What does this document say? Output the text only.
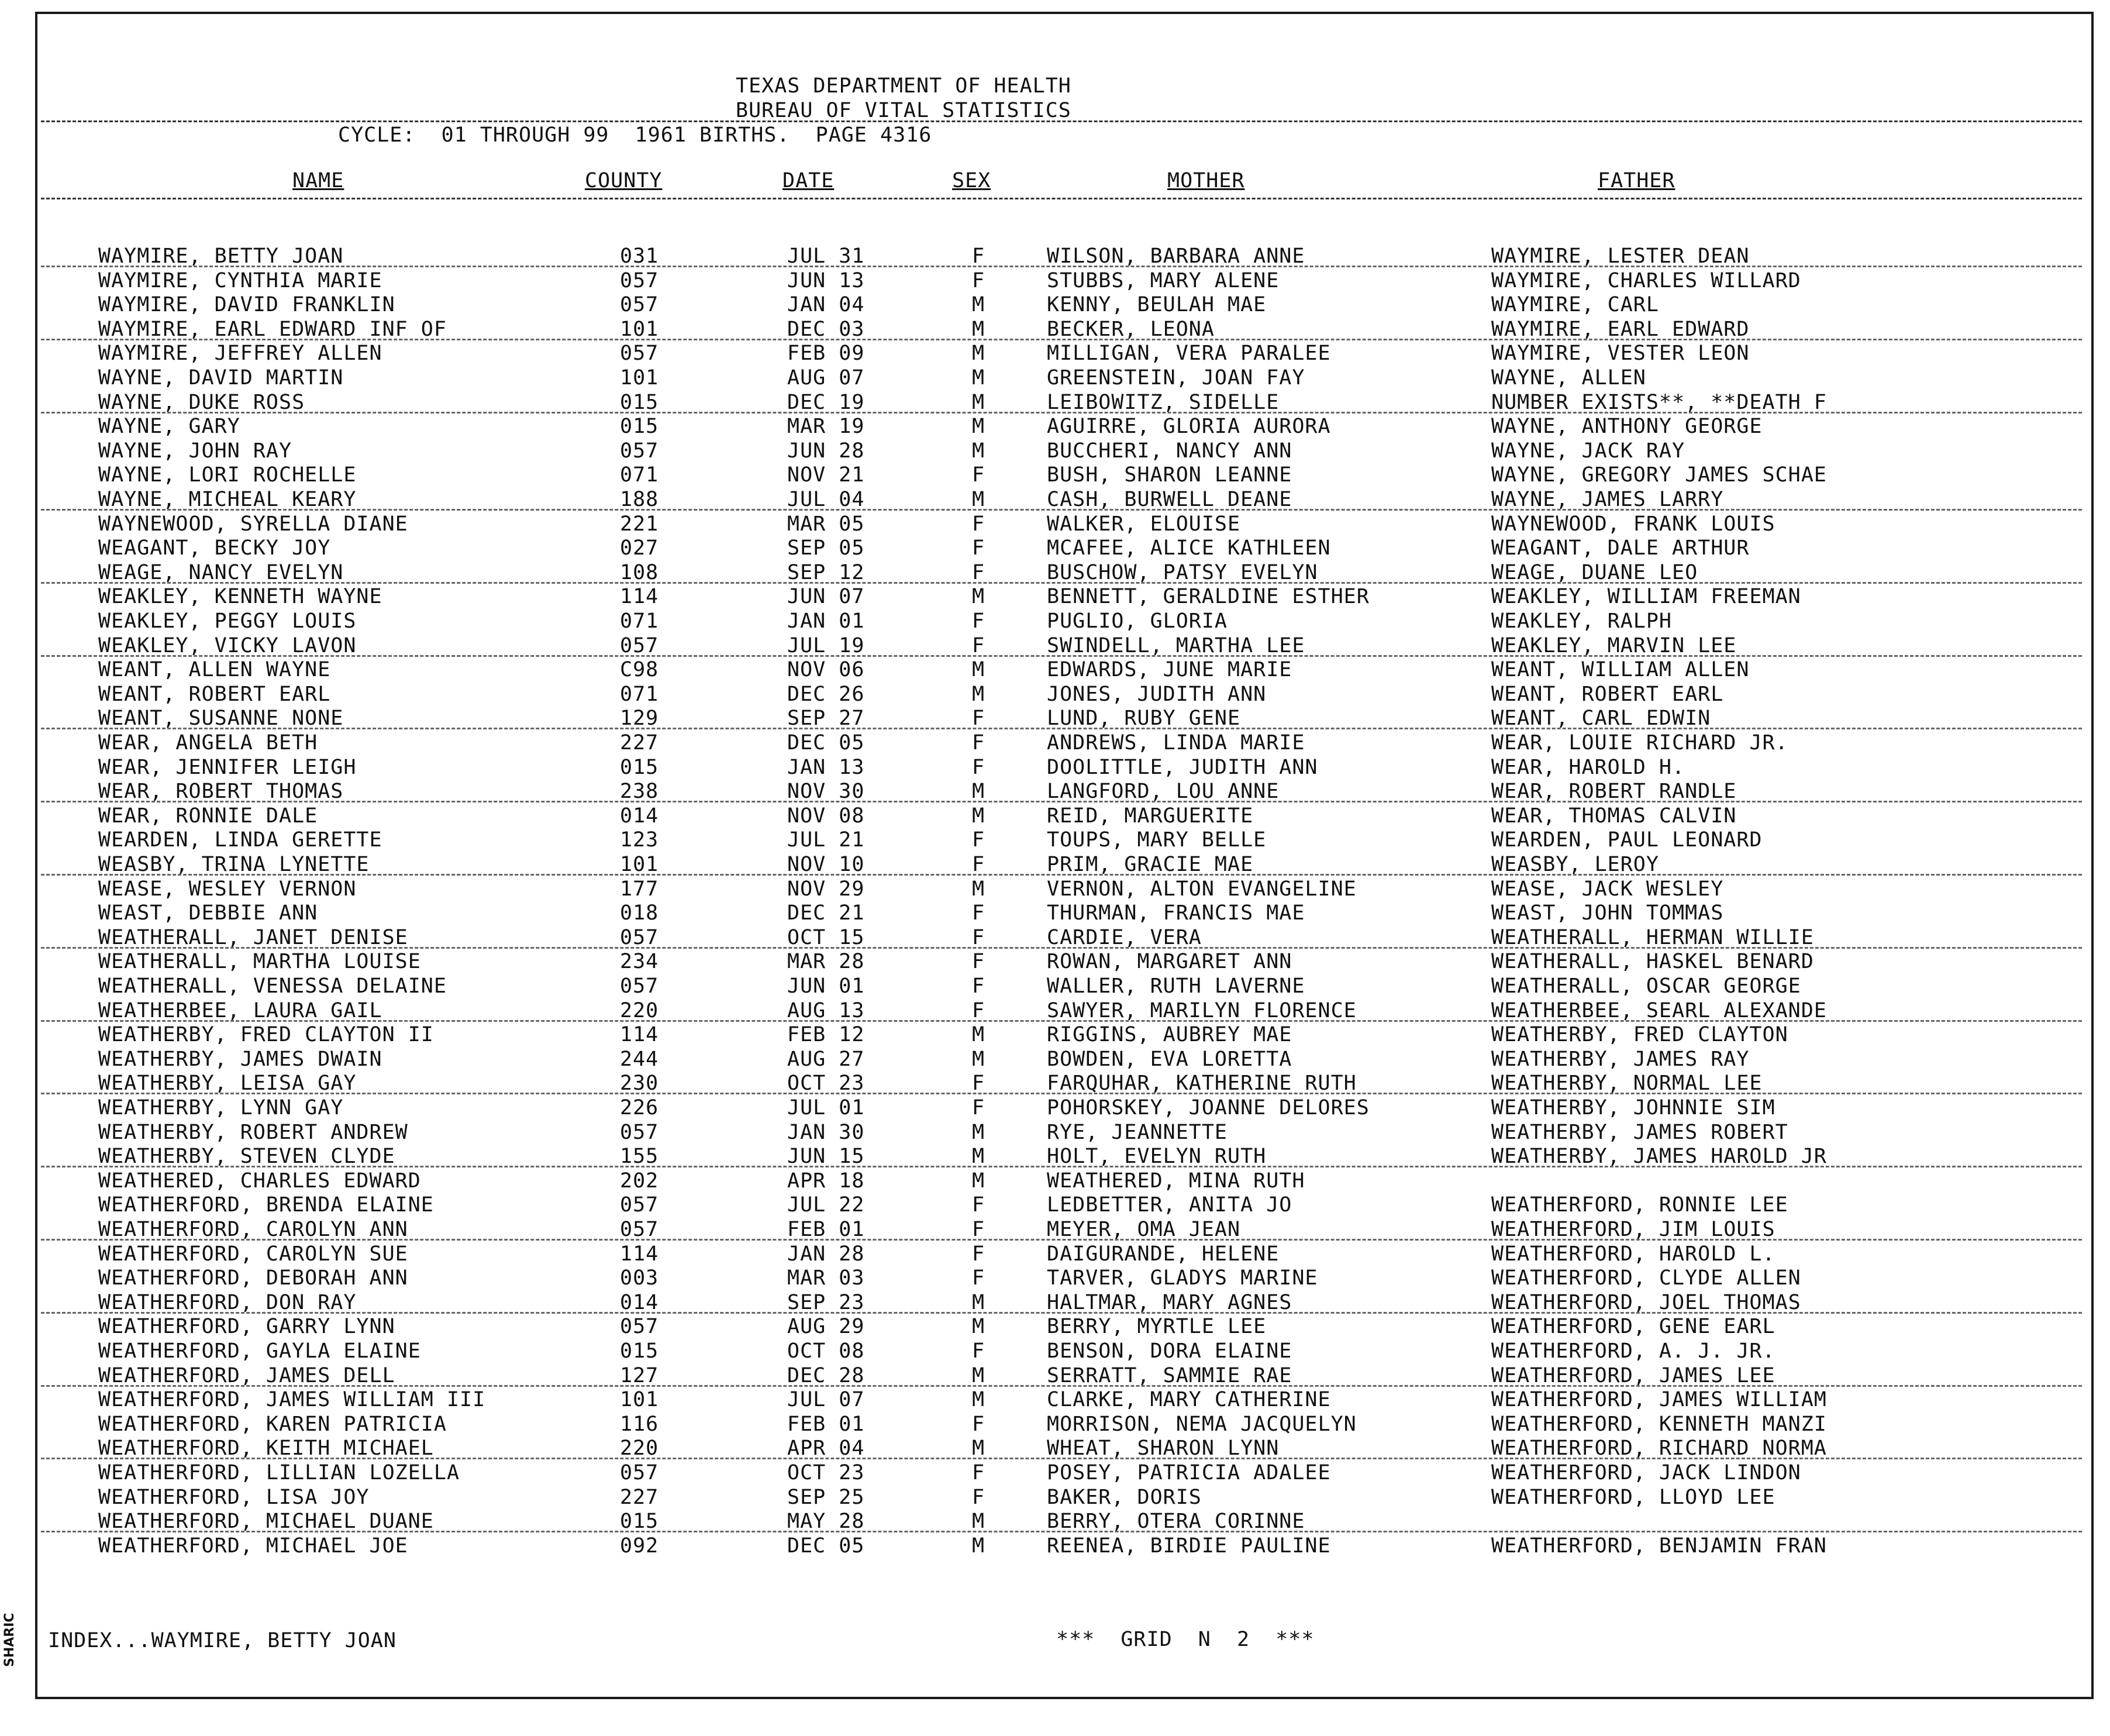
TEXAS DEPARTMENT OF HEALTH
BUREAU OF VITAL STATISTICS
CYCLE:  01 THROUGH 99  1961 BIRTHS.  PAGE 4316
NAME	COUNTY	DATE	SEX	MOTHER	FATHER
WAYMIRE, BETTY JOAN	031	JUL 31	F	WILSON, BARBARA ANNE	WAYMIRE, LESTER DEAN
WAYMIRE, CYNTHIA MARIE	057	JUN 13	F	STUBBS, MARY ALENE	WAYMIRE, CHARLES WILLARD
WAYMIRE, DAVID FRANKLIN	057	JAN 04	M	KENNY, BEULAH MAE	WAYMIRE, CARL
WAYMIRE, EARL EDWARD INF OF	101	DEC 03	M	BECKER, LEONA	WAYMIRE, EARL EDWARD
WAYMIRE, JEFFREY ALLEN	057	FEB 09	M	MILLIGAN, VERA PARALEE	WAYMIRE, VESTER LEON
WAYNE, DAVID MARTIN	101	AUG 07	M	GREENSTEIN, JOAN FAY	WAYNE, ALLEN
WAYNE, DUKE ROSS	015	DEC 19	M	LEIBOWITZ, SIDELLE	NUMBER EXISTS**, **DEATH F
WAYNE, GARY	015	MAR 19	M	AGUIRRE, GLORIA AURORA	WAYNE, ANTHONY GEORGE
WAYNE, JOHN RAY	057	JUN 28	M	BUCCHERI, NANCY ANN	WAYNE, JACK RAY
WAYNE, LORI ROCHELLE	071	NOV 21	F	BUSH, SHARON LEANNE	WAYNE, GREGORY JAMES SCHAE
WAYNE, MICHEAL KEARY	188	JUL 04	M	CASH, BURWELL DEANE	WAYNE, JAMES LARRY
WAYNEWOOD, SYRELLA DIANE	221	MAR 05	F	WALKER, ELOUISE	WAYNEWOOD, FRANK LOUIS
WEAGANT, BECKY JOY	027	SEP 05	F	MCAFEE, ALICE KATHLEEN	WEAGANT, DALE ARTHUR
WEAGE, NANCY EVELYN	108	SEP 12	F	BUSCHOW, PATSY EVELYN	WEAGE, DUANE LEO
WEAKLEY, KENNETH WAYNE	114	JUN 07	M	BENNETT, GERALDINE ESTHER	WEAKLEY, WILLIAM FREEMAN
WEAKLEY, PEGGY LOUIS	071	JAN 01	F	PUGLIO, GLORIA	WEAKLEY, RALPH
WEAKLEY, VICKY LAVON	057	JUL 19	F	SWINDELL, MARTHA LEE	WEAKLEY, MARVIN LEE
WEANT, ALLEN WAYNE	C98	NOV 06	M	EDWARDS, JUNE MARIE	WEANT, WILLIAM ALLEN
WEANT, ROBERT EARL	071	DEC 26	M	JONES, JUDITH ANN	WEANT, ROBERT EARL
WEANT, SUSANNE NONE	129	SEP 27	F	LUND, RUBY GENE	WEANT, CARL EDWIN
WEAR, ANGELA BETH	227	DEC 05	F	ANDREWS, LINDA MARIE	WEAR, LOUIE RICHARD JR.
WEAR, JENNIFER LEIGH	015	JAN 13	F	DOOLITTLE, JUDITH ANN	WEAR, HAROLD H.
WEAR, ROBERT THOMAS	238	NOV 30	M	LANGFORD, LOU ANNE	WEAR, ROBERT RANDLE
WEAR, RONNIE DALE	014	NOV 08	M	REID, MARGUERITE	WEAR, THOMAS CALVIN
WEARDEN, LINDA GERETTE	123	JUL 21	F	TOUPS, MARY BELLE	WEARDEN, PAUL LEONARD
WEASBY, TRINA LYNETTE	101	NOV 10	F	PRIM, GRACIE MAE	WEASBY, LEROY
WEASE, WESLEY VERNON	177	NOV 29	M	VERNON, ALTON EVANGELINE	WEASE, JACK WESLEY
WEAST, DEBBIE ANN	018	DEC 21	F	THURMAN, FRANCIS MAE	WEAST, JOHN TOMMAS
WEATHERALL, JANET DENISE	057	OCT 15	F	CARDIE, VERA	WEATHERALL, HERMAN WILLIE
WEATHERALL, MARTHA LOUISE	234	MAR 28	F	ROWAN, MARGARET ANN	WEATHERALL, HASKEL BENARD
WEATHERALL, VENESSA DELAINE	057	JUN 01	F	WALLER, RUTH LAVERNE	WEATHERALL, OSCAR GEORGE
WEATHERBEE, LAURA GAIL	220	AUG 13	F	SAWYER, MARILYN FLORENCE	WEATHERBEE, SEARL ALEXANDE
WEATHERBY, FRED CLAYTON II	114	FEB 12	M	RIGGINS, AUBREY MAE	WEATHERBY, FRED CLAYTON
WEATHERBY, JAMES DWAIN	244	AUG 27	M	BOWDEN, EVA LORETTA	WEATHERBY, JAMES RAY
WEATHERBY, LEISA GAY	230	OCT 23	F	FARQUHAR, KATHERINE RUTH	WEATHERBY, NORMAL LEE
WEATHERBY, LYNN GAY	226	JUL 01	F	POHORSKEY, JOANNE DELORES	WEATHERBY, JOHNNIE SIM
WEATHERBY, ROBERT ANDREW	057	JAN 30	M	RYE, JEANNETTE	WEATHERBY, JAMES ROBERT
WEATHERBY, STEVEN CLYDE	155	JUN 15	M	HOLT, EVELYN RUTH	WEATHERBY, JAMES HAROLD JR
WEATHERED, CHARLES EDWARD	202	APR 18	M	WEATHERED, MINA RUTH
WEATHERFORD, BRENDA ELAINE	057	JUL 22	F	LEDBETTER, ANITA JO	WEATHERFORD, RONNIE LEE
WEATHERFORD, CAROLYN ANN	057	FEB 01	F	MEYER, OMA JEAN	WEATHERFORD, JIM LOUIS
WEATHERFORD, CAROLYN SUE	114	JAN 28	F	DAIGURANDE, HELENE	WEATHERFORD, HAROLD L.
WEATHERFORD, DEBORAH ANN	003	MAR 03	F	TARVER, GLADYS MARINE	WEATHERFORD, CLYDE ALLEN
WEATHERFORD, DON RAY	014	SEP 23	M	HALTMAR, MARY AGNES	WEATHERFORD, JOEL THOMAS
WEATHERFORD, GARRY LYNN	057	AUG 29	M	BERRY, MYRTLE LEE	WEATHERFORD, GENE EARL
WEATHERFORD, GAYLA ELAINE	015	OCT 08	F	BENSON, DORA ELAINE	WEATHERFORD, A. J. JR.
WEATHERFORD, JAMES DELL	127	DEC 28	M	SERRATT, SAMMIE RAE	WEATHERFORD, JAMES LEE
WEATHERFORD, JAMES WILLIAM III	101	JUL 07	M	CLARKE, MARY CATHERINE	WEATHERFORD, JAMES WILLIAM
WEATHERFORD, KAREN PATRICIA	116	FEB 01	F	MORRISON, NEMA JACQUELYN	WEATHERFORD, KENNETH MANZI
WEATHERFORD, KEITH MICHAEL	220	APR 04	M	WHEAT, SHARON LYNN	WEATHERFORD, RICHARD NORMA
WEATHERFORD, LILLIAN LOZELLA	057	OCT 23	F	POSEY, PATRICIA ADALEE	WEATHERFORD, JACK LINDON
WEATHERFORD, LISA JOY	227	SEP 25	F	BAKER, DORIS	WEATHERFORD, LLOYD LEE
WEATHERFORD, MICHAEL DUANE	015	MAY 28	M	BERRY, OTERA CORINNE
WEATHERFORD, MICHAEL JOE	092	DEC 05	M	REENEA, BIRDIE PAULINE	WEATHERFORD, BENJAMIN FRAN
INDEX...WAYMIRE, BETTY JOAN	***  GRID  N  2  ***
SHARIC
